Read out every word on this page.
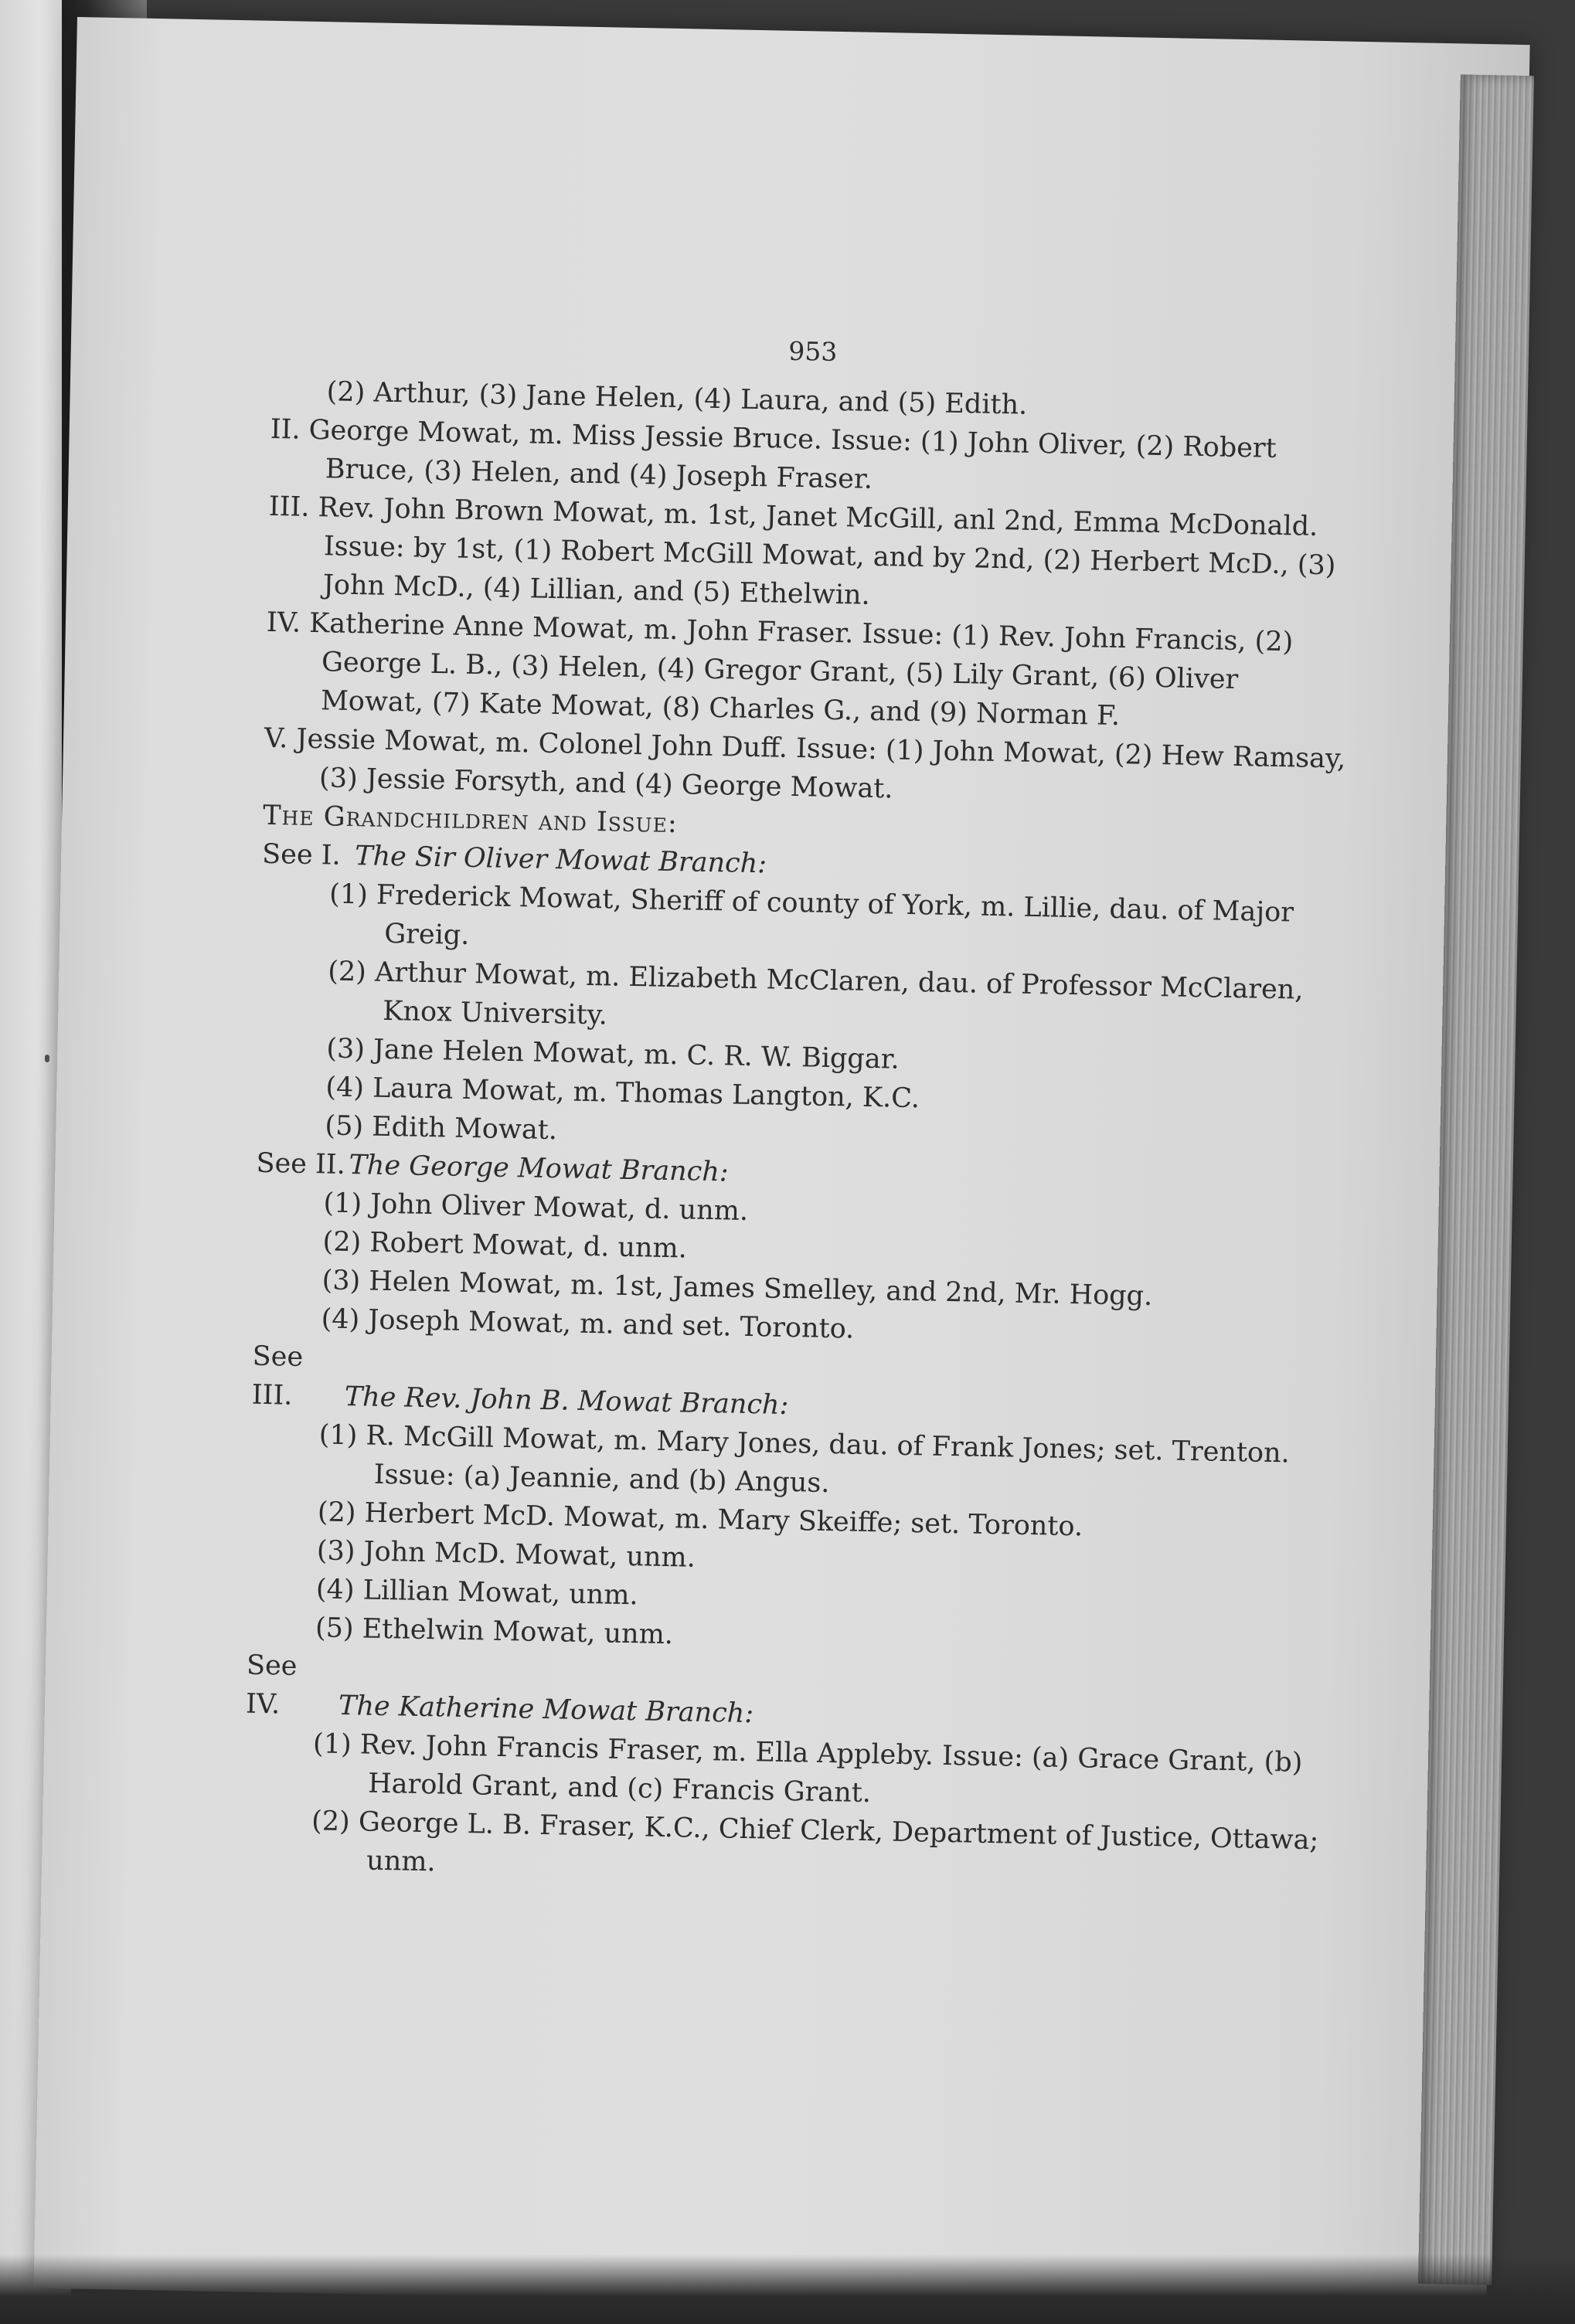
953

(2) Arthur, (3) Jane Helen, (4) Laura, and (5) Edith.

II. George Mowat, m. Miss Jessie Bruce. Issue: (1) John Oliver, (2) Robert Bruce, (3) Helen, and (4) Joseph Fraser.

III. Rev. John Brown Mowat, m. 1st, Janet McGill, anl 2nd, Emma McDonald. Issue: by 1st, (1) Robert McGill Mowat, and by 2nd, (2) Herbert McD., (3) John McD., (4) Lillian, and (5) Ethelwin.

IV. Katherine Anne Mowat, m. John Fraser. Issue: (1) Rev. John Francis, (2) George L. B., (3) Helen, (4) Gregor Grant, (5) Lily Grant, (6) Oliver Mowat, (7) Kate Mowat, (8) Charles G., and (9) Norman F.

V. Jessie Mowat, m. Colonel John Duff. Issue: (1) John Mowat, (2) Hew Ramsay, (3) Jessie Forsyth, and (4) George Mowat.

The Grandchildren and Issue:

See I. The Sir Oliver Mowat Branch:

(1) Frederick Mowat, Sheriff of county of York, m. Lillie, dau. of Major Greig.

(2) Arthur Mowat, m. Elizabeth McClaren, dau. of Professor McClaren, Knox University.

(3) Jane Helen Mowat, m. C. R. W. Biggar.

(4) Laura Mowat, m. Thomas Langton, K.C.

(5) Edith Mowat.

See II. The George Mowat Branch:

(1) John Oliver Mowat, d. unm.

(2) Robert Mowat, d. unm.

(3) Helen Mowat, m. 1st, James Smelley, and 2nd, Mr. Hogg.

(4) Joseph Mowat, m. and set. Toronto.

See III. The Rev. John B. Mowat Branch:

(1) R. McGill Mowat, m. Mary Jones, dau. of Frank Jones; set. Trenton. Issue: (a) Jeannie, and (b) Angus.

(2) Herbert McD. Mowat, m. Mary Skeiffe; set. Toronto.

(3) John McD. Mowat, unm.

(4) Lillian Mowat, unm.

(5) Ethelwin Mowat, unm.

See IV. The Katherine Mowat Branch:

(1) Rev. John Francis Fraser, m. Ella Appleby. Issue: (a) Grace Grant, (b) Harold Grant, and (c) Francis Grant.

(2) George L. B. Fraser, K.C., Chief Clerk, Department of Justice, Ottawa; unm.
